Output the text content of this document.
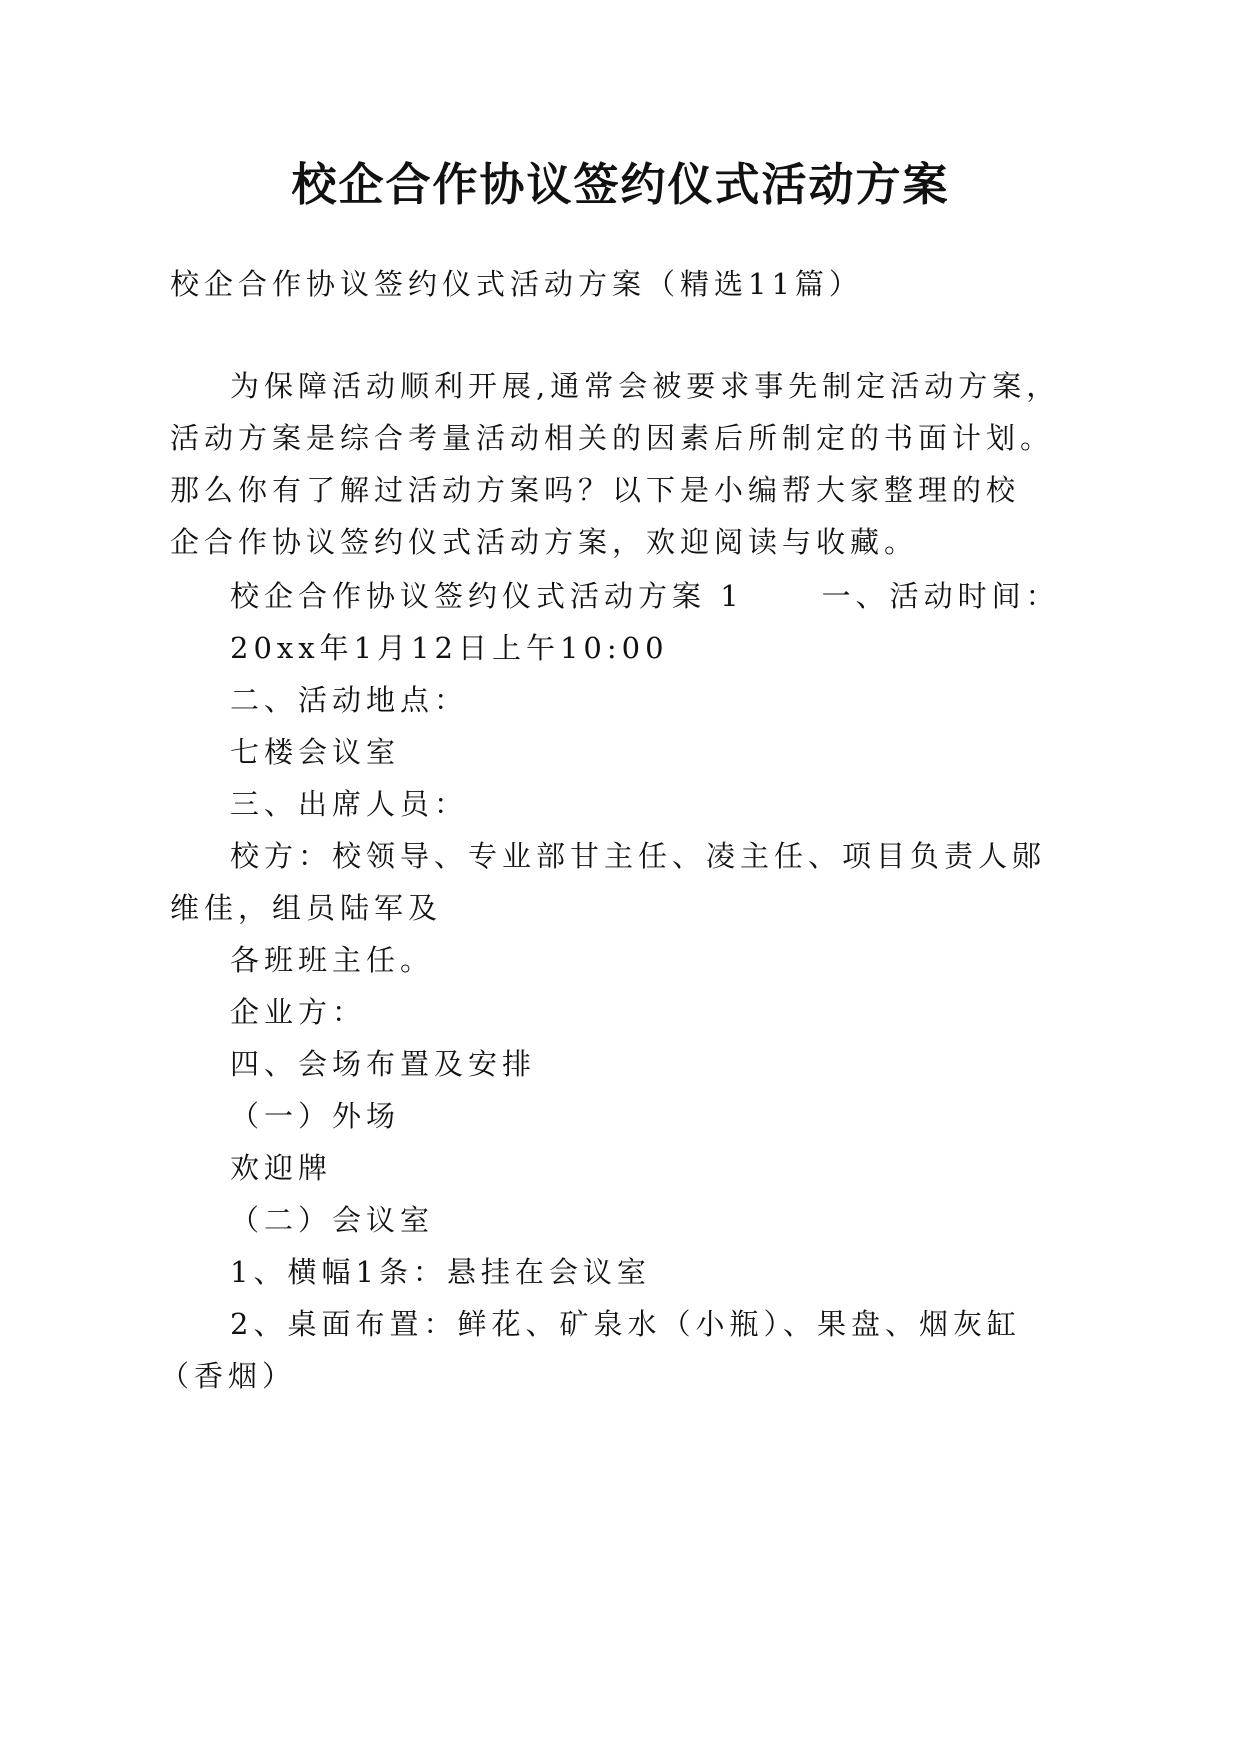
校企合作协议签约仪式活动方案
校企合作协议签约仪式活动方案（精选11篇）
为保障活动顺利开展,通常会被要求事先制定活动方案，
活动方案是综合考量活动相关的因素后所制定的书面计划。
那么你有了解过活动方案吗？以下是小编帮大家整理的校
企合作协议签约仪式活动方案，欢迎阅读与收藏。
校企合作协议签约仪式活动方案 1	一、活动时间：
20xx年1月12日上午10:00
二、活动地点：
七楼会议室
三、出席人员：
校方：校领导、专业部甘主任、凌主任、项目负责人郧
维佳，组员陆军及
各班班主任。
企业方：
四、会场布置及安排
（一）外场
欢迎牌
（二）会议室
1、横幅1条：悬挂在会议室
2、桌面布置：鲜花、矿泉水（小瓶）、果盘、烟灰缸
（香烟）
